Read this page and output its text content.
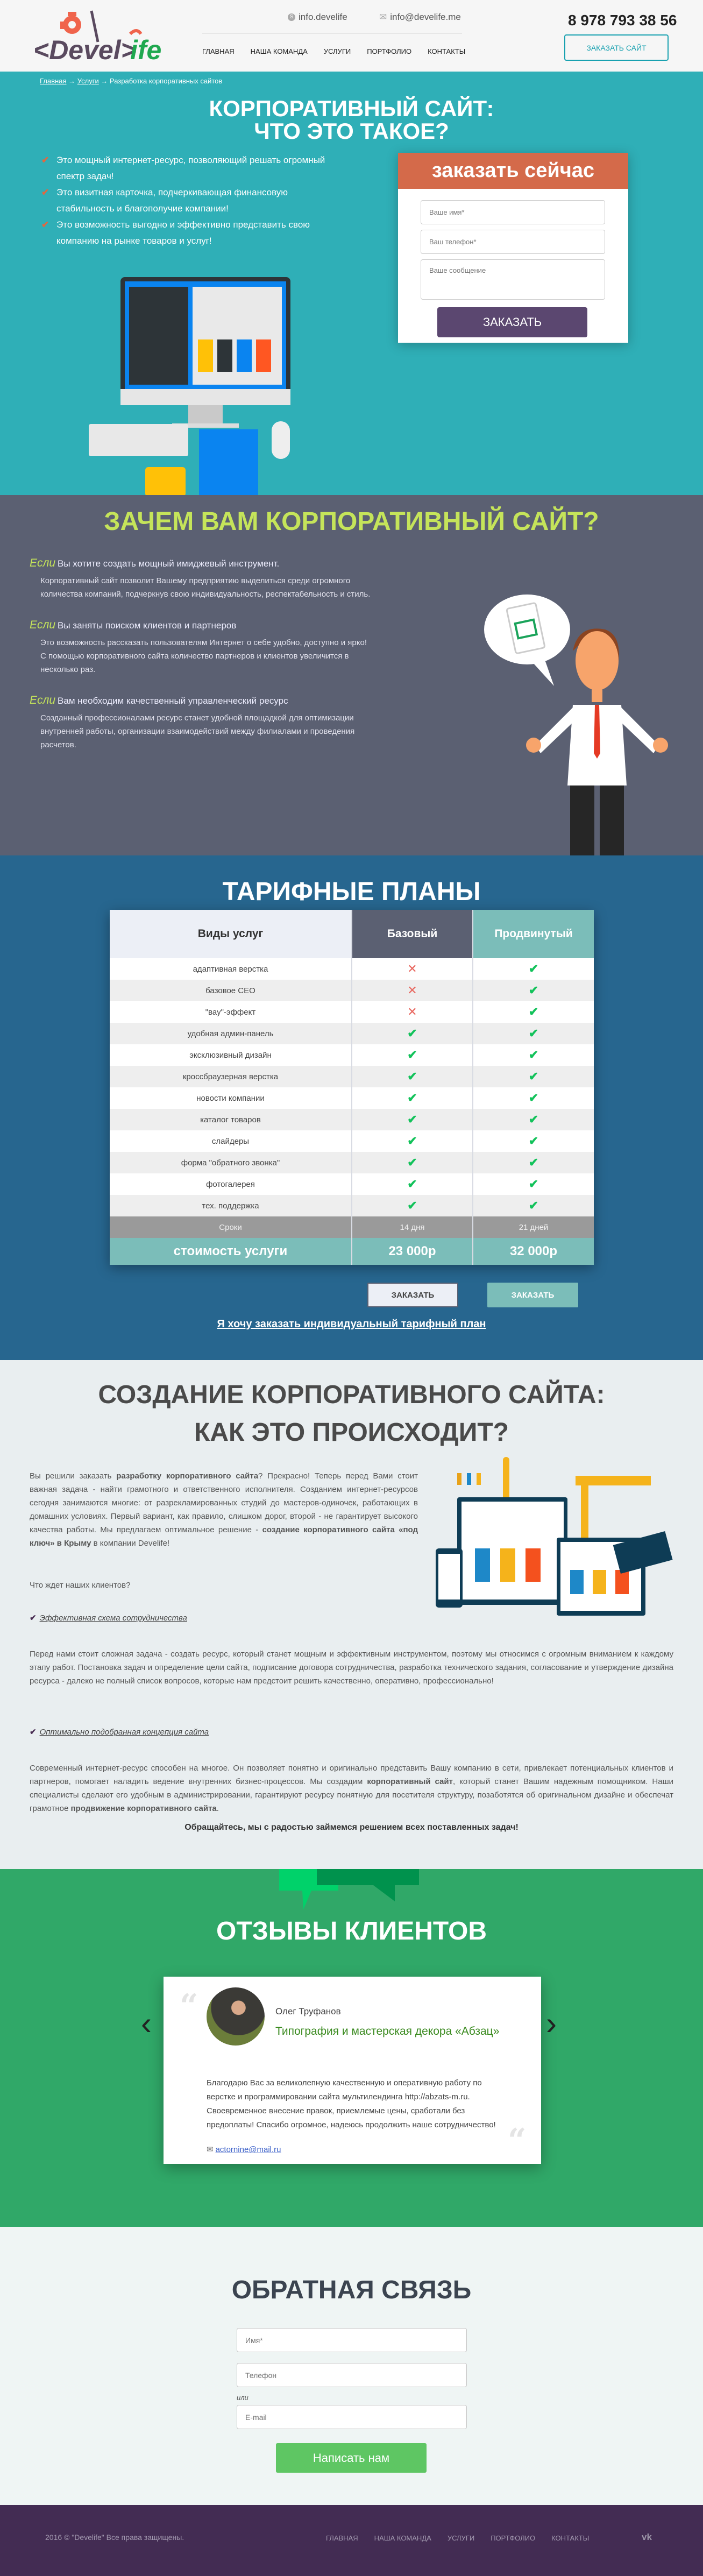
<Devel>
ife
S info.develife	✉ info@develife.me
ГЛАВНАЯ НАША КОМАНДА УСЛУГИ ПОРТФОЛИО КОНТАКТЫ
8 978 793 38 56
ЗАКАЗАТЬ САЙТ
Главная → Услуги → Разработка корпоративных сайтов
КОРПОРАТИВНЫЙ САЙТ:
ЧТО ЭТО ТАКОЕ?
✔ Это мощный интернет-ресурс, позволяющий решать огромный спектр задач!
✔ Это визитная карточка, подчеркивающая финансовую стабильность и благополучие компании!
✔ Это возможность выгодно и эффективно представить свою компанию на рынке товаров и услуг!
заказать сейчас
Ваше имя*
Ваш телефон*
Ваше сообщение
ЗАКАЗАТЬ
ЗАЧЕМ ВАМ КОРПОРАТИВНЫЙ САЙТ?
Если Вы хотите создать мощный имиджевый инструмент.
Корпоративный сайт позволит Вашему предприятию выделиться среди огромного количества компаний, подчеркнув свою индивидуальность, респектабельность и стиль.
Если Вы заняты поиском клиентов и партнеров
Это возможность рассказать пользователям Интернет о себе удобно, доступно и ярко! С помощью корпоративного сайта количество партнеров и клиентов увеличится в несколько раз.
Если Вам необходим качественный управленческий ресурс
Созданный профессионалами ресурс станет удобной площадкой для оптимизации внутренней работы, организации взаимодействий между филиалами и проведения расчетов.
ТАРИФНЫЕ ПЛАНЫ
Виды услуг	Базовый	Продвинутый
адаптивная верстка	✕	✔
базовое СЕО	✕	✔
"вау"-эффект	✕	✔
удобная админ-панель	✔	✔
эксклюзивный дизайн	✔	✔
кроссбраузерная верстка	✔	✔
новости компании	✔	✔
каталог товаров	✔	✔
слайдеры	✔	✔
форма "обратного звонка"	✔	✔
фотогалерея	✔	✔
тех. поддержка	✔	✔
Сроки	14 дня	21 дней
стоимость услуги	23 000р	32 000р
ЗАКАЗАТЬ	ЗАКАЗАТЬ
Я хочу заказать индивидуальный тарифный план
СОЗДАНИЕ КОРПОРАТИВНОГО САЙТА:
КАК ЭТО ПРОИСХОДИТ?

Вы решили заказать разработку корпоративного сайта? Прекрасно! Теперь перед Вами стоит важная задача - найти грамотного и ответственного исполнителя. Созданием интернет-ресурсов сегодня занимаются многие: от разрекламированных студий до мастеров-одиночек, работающих в домашних условиях. Первый вариант, как правило, слишком дорог, второй - не гарантирует высокого качества работы. Мы предлагаем оптимальное решение - создание корпоративного сайта «под ключ» в Крыму в компании Develife!

Что ждет наших клиентов?

✔ Эффективная схема сотрудничества

Перед нами стоит сложная задача - создать ресурс, который станет мощным и эффективным инструментом, поэтому мы относимся с огромным вниманием к каждому этапу работ. Постановка задач и определение цели сайта, подписание договора сотрудничества, разработка технического задания, согласование и утверждение дизайна ресурса - далеко не полный список вопросов, которые нам предстоит решить качественно, оперативно, профессионально!

✔ Оптимально подобранная концепция сайта

Современный интернет-ресурс способен на многое. Он позволяет понятно и оригинально представить Вашу компанию в сети, привлекает потенциальных клиентов и партнеров, помогает наладить ведение внутренних бизнес-процессов. Мы создадим корпоративный сайт, который станет Вашим надежным помощником. Наши специалисты сделают его удобным в администрировании, гарантируют ресурсу понятную для посетителя структуру, позаботятся об оригинальном дизайне и обеспечат грамотное продвижение корпоративного сайта.

Обращайтесь, мы с радостью займемся решением всех поставленных задач!

ОТЗЫВЫ КЛИЕНТОВ
‹	›
“	Олег Труфанов
Типография и мастерская декора «Абзац»
Благодарю Вас за великолепную качественную и оперативную работу по верстке и программировании сайта мультилендинга http://abzats-m.ru. Своевременное внесение правок, приемлемые цены, сработали без предоплаты! Спасибо огромное, надеюсь продолжить наше сотрудничество!
✉ actornine@mail.ru	“
ОБРАТНАЯ СВЯЗЬ
Имя*
Телефон
или
E-mail
Написать нам
2016 © "Develife" Все права защищены.	ГЛАВНАЯ НАША КОМАНДА УСЛУГИ ПОРТФОЛИО КОНТАКТЫ	vk
